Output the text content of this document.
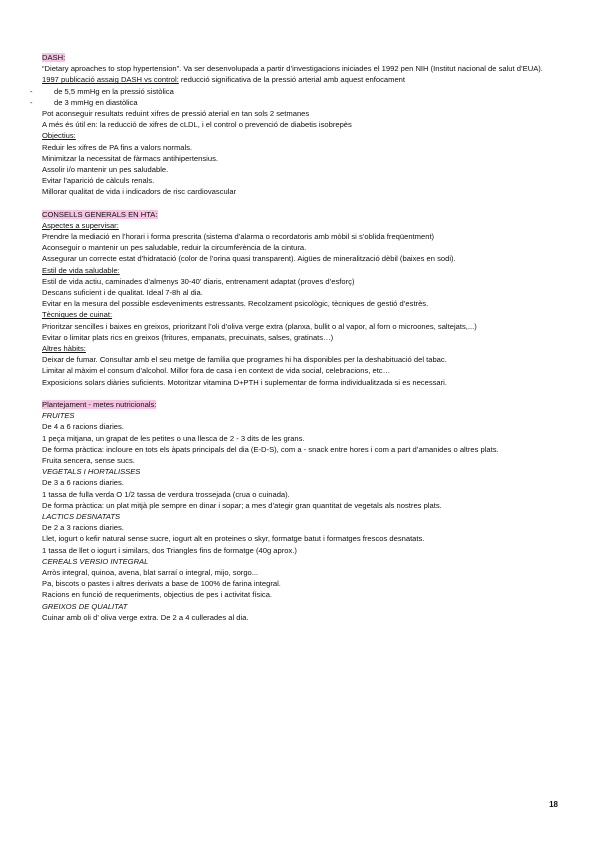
DASH:
“Dietary aproaches to stop hypertension”. Va ser desenvolupada a partir d’investigacions iniciades el 1992 pen NIH (Institut nacional de salut d’EUA).
1997 publicació assaig DASH vs control: reducció significativa de la pressió arterial amb aquest enfocament
-	de 5,5 mmHg en la pressió sistòlica
-	de 3 mmHg en diastòlica
Pot aconseguir resultats reduint xifres de pressió aterial en tan sols 2 setmanes
A més és útil en: la reducció de xifres de cLDL, i el control o prevenció de diabetis isobrepès
Objectius:
Reduir les xifres de PA fins a valors normals.
Minimitzar la necessitat de fàrmacs antihipertensius.
Assolir i/o mantenir un pes saludable.
Evitar l’aparició de càlculs renals.
Millorar qualitat de vida i indicadors de risc cardiovascular
CONSELLS GENERALS EN HTA:
Aspectes a supervisar:
Prendre la mediació en l’horari i forma prescrita (sistema d’alarma o recordatoris amb mòbil si s’oblida freqüentment)
Aconseguir o mantenir un pes saludable, reduir la circumferència de la cintura.
Assegurar un correcte estat d’hidratació (color de l’orina quasi transparent). Aigües de mineralització dèbil (baixes en sodi).
Estil de vida saludable:
Estil de vida actiu, caminades d’almenys 30-40’ diaris, entrenament adaptat (proves d’esforç)
Descans suficient i de qualitat. Ideal 7-8h al dia.
Evitar en la mesura del possible esdeveniments estressants. Recolzament psicològic, tècniques de gestió d’estrès.
Tècniques de cuinat:
Prioritzar sencilles i baixes en greixos, prioritzant l’oli d’oliva verge extra (planxa, bullit o al vapor, al forn o microones, saltejats,...)
Evitar o limitar plats rics en greixos (fritures, empanats, precuinats, salses, gratinats…)
Altres hàbits:
Deixar de fumar. Consultar amb el seu metge de família que programes hi ha disponibles per la deshabituació del tabac.
Limitar al màxim el consum d’alcohol. Millor fora de casa i en context de vida social, celebracions, etc…
Exposicions solars diàries suficients. Motoritzar vitamina D+PTH i suplementar de forma individualitzada si es necessari.
Plantejament - metes nutricionals:
FRUITES
De 4 a 6 racions diaries.
1 peça mitjana, un grapat de les petites o una llesca de 2 - 3 dits de les grans.
De forma pràctica: incloure en tots els àpats principals del dia (E-D-S), com a - snack entre hores i com a part d’amanides o altres plats.
Fruita sencera, sense sucs.
VEGETALS I HORTALISSES
De 3 a 6 racions diaries.
1 tassa de fulla verda O 1/2 tassa de verdura trossejada (crua o cuinada).
De forma pràctica: un plat mitjà ple sempre en dinar i sopar; a mes d’ategir gran quantitat de vegetals als nostres plats.
LACTICS DESNATATS
De 2 a 3 racions diaries.
Llet, iogurt o kefir natural sense sucre, iogurt alt en proteines o skyr, formatge batut i formatges frescos desnatats.
1 tassa de llet o iogurt i similars, dos Triangles fins de formatge (40g aprox.)
CEREALS VERSIO INTEGRAL
Arròs integral, quinoa, avena, blat sarraí o integral, mijo, sorgo...
Pa, biscots o pastes i altres derivats a base de 100% de farina integral.
Racions en funció de requeriments, objectius de pes i activitat física.
GREIXOS DE QUALITAT
Cuinar amb oli d’ oliva verge extra. De 2 a 4 cullerades al dia.
18
